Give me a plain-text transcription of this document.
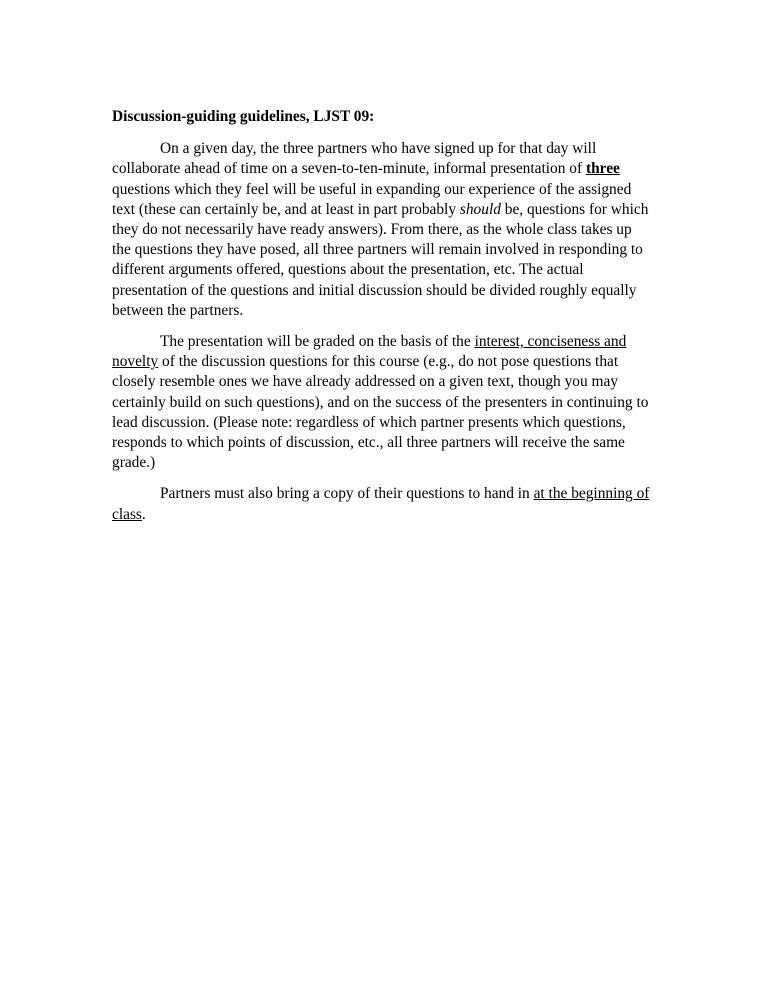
Discussion-guiding guidelines, LJST 09:

On a given day, the three partners who have signed up for that day will collaborate ahead of time on a seven-to-ten-minute, informal presentation of three questions which they feel will be useful in expanding our experience of the assigned text (these can certainly be, and at least in part probably should be, questions for which they do not necessarily have ready answers). From there, as the whole class takes up the questions they have posed, all three partners will remain involved in responding to different arguments offered, questions about the presentation, etc. The actual presentation of the questions and initial discussion should be divided roughly equally between the partners.

The presentation will be graded on the basis of the interest, conciseness and novelty of the discussion questions for this course (e.g., do not pose questions that closely resemble ones we have already addressed on a given text, though you may certainly build on such questions), and on the success of the presenters in continuing to lead discussion. (Please note: regardless of which partner presents which questions, responds to which points of discussion, etc., all three partners will receive the same grade.)

Partners must also bring a copy of their questions to hand in at the beginning of class.
